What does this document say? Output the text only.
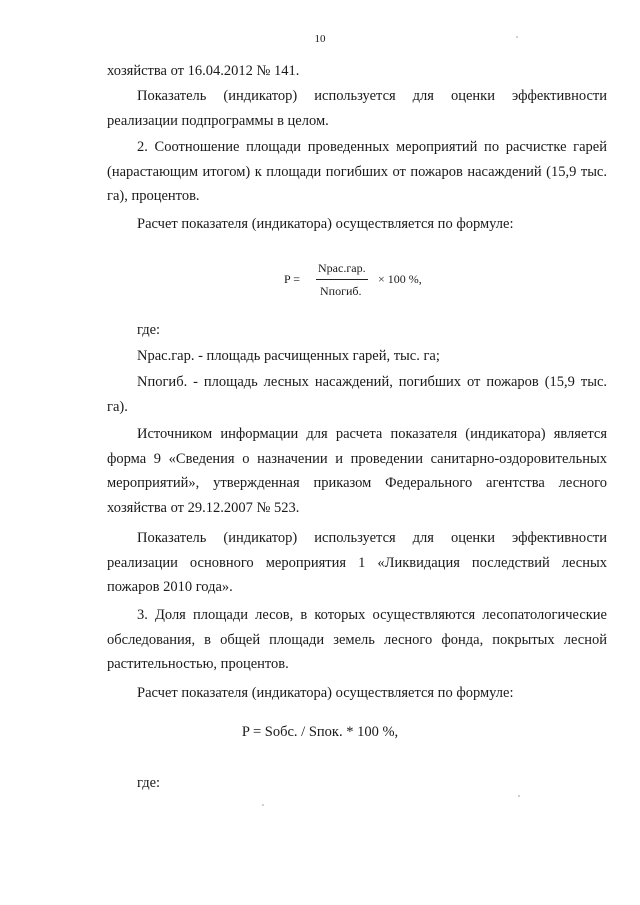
10
хозяйства от 16.04.2012 № 141.
Показатель (индикатор) используется для оценки эффективности реализации подпрограммы в целом.
2. Соотношение площади проведенных мероприятий по расчистке гарей (нарастающим итогом) к площади погибших от пожаров насаждений (15,9 тыс. га), процентов.
Расчет показателя (индикатора) осуществляется по формуле:
P =
Nрас.гар.
Nпогиб.
× 100 %,
где:
Nрас.гар. - площадь расчищенных гарей, тыс. га;
Nпогиб. - площадь лесных насаждений, погибших от пожаров (15,9 тыс. га).
Источником информации для расчета показателя (индикатора) является форма 9 «Сведения о назначении и проведении санитарно-оздоровительных мероприятий», утвержденная приказом Федерального агентства лесного хозяйства от 29.12.2007 № 523.
Показатель (индикатор) используется для оценки эффективности реализации основного мероприятия 1 «Ликвидация последствий лесных пожаров 2010 года».
3. Доля площади лесов, в которых осуществляются лесопатологические обследования, в общей площади земель лесного фонда, покрытых лесной растительностью, процентов.
Расчет показателя (индикатора) осуществляется по формуле:
P = Sобс. / Sпок. * 100 %,
где:
